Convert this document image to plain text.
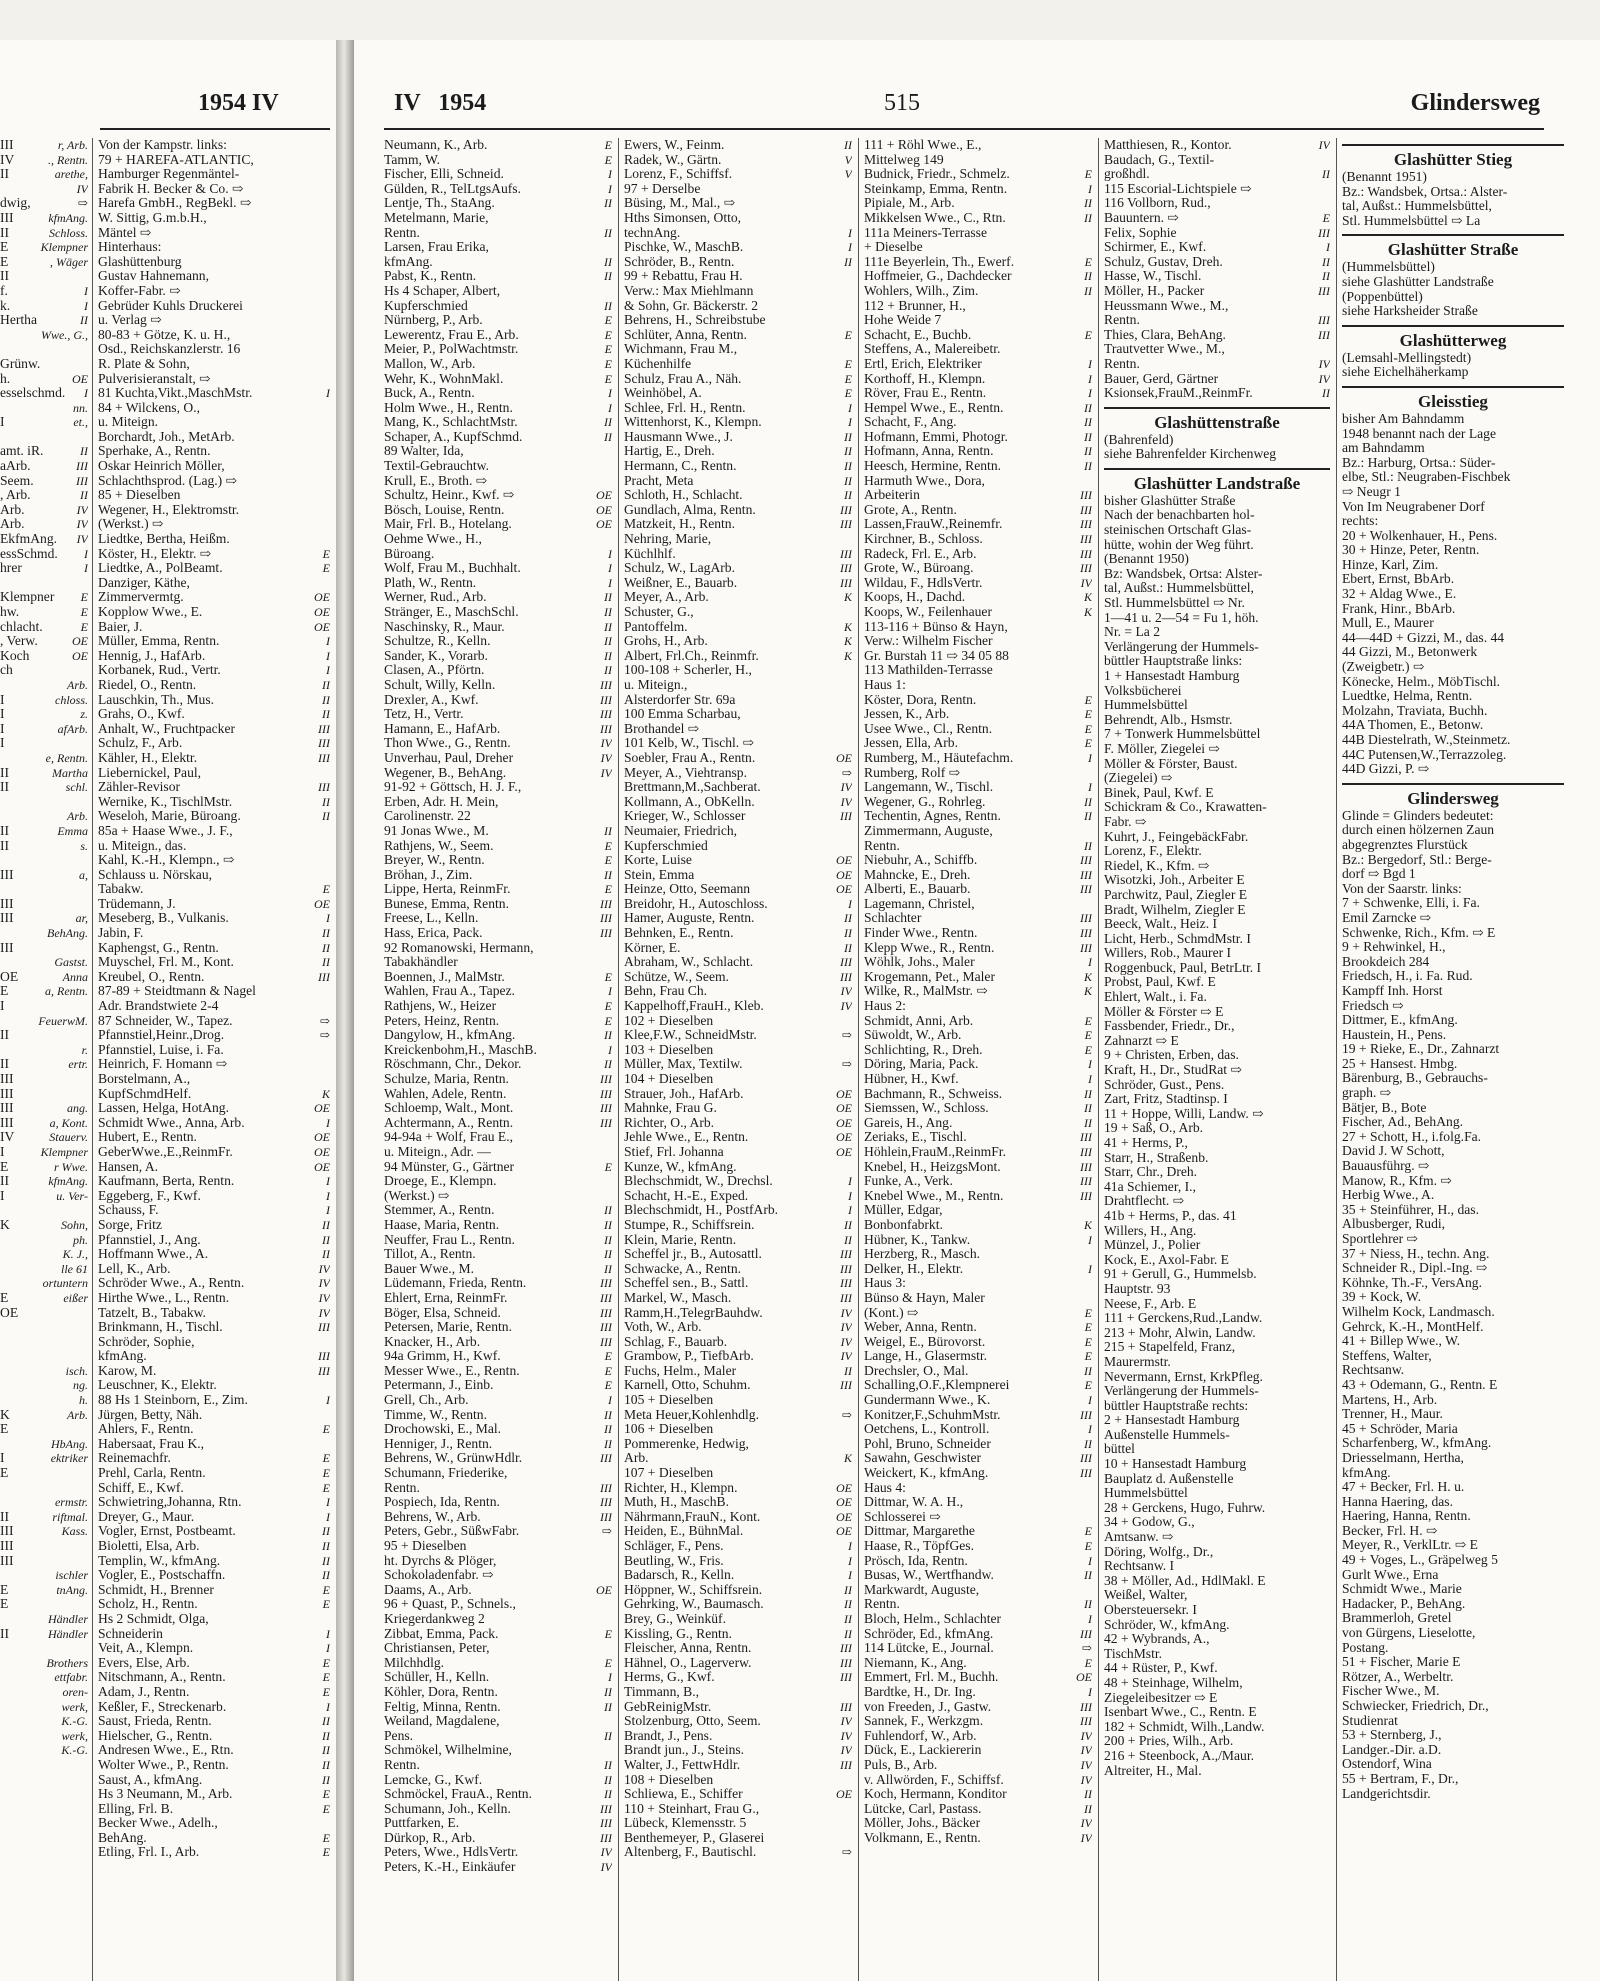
1954 IV
III	r, Arb.
IV	., Rentn.
II	arethe,
IV
dwig,	⇨
III	kfmAng.
II	Schloss.
E	Klempner
E	, Wäger
II
f.	I
k.	I
Hertha	II
Wwe., G.,
Grünw.
h.	OE
esselschmd.	I
nn.
I	et.,
amt. iR.	II
aArb.	III
Seem.	III
, Arb.	II
Arb.	IV
Arb.	IV
EkfmAng.	IV
essSchmd.	I
hrer	I
Klempner	E
hw.	E
chlacht.	E
, Verw.	OE
Koch	OE
ch
Arb.
I	chloss.
I	z.
I	afArb.
I
e, Rentn.
II	Martha
II	schl.
Arb.
II	Emma
II	s.
III	a,
III
III	ar,
BehAng.
III
Gastst.
OE	Anna
E	a, Rentn.
I
FeuerwM.
II
r.
II	ertr.
III
III
III	ang.
III	a, Kont.
IV	Stauerv.
I	Klempner
E	r Wwe.
II	kfmAng.
I	u. Ver-
K	Sohn,
ph.
K. J.,
lle 61
ortuntern
E	eißer
OE
isch.
ng.
h.
K	Arb.
E
HbAng.
I	ektriker
E
ermstr.
II	riftmal.
III	Kass.
III
III
ischler
E	tnAng.
E
Händler
II	Händler
Brothers
ettfabr.
oren-
werk,
K.-G.
werk,
K.-G.
Von der Kampstr. links:
79 + HAREFA-ATLANTIC,
Hamburger Regenmäntel-
Fabrik H. Becker & Co. ⇨
Harefa GmbH., RegBekl. ⇨
W. Sittig, G.m.b.H.,
Mäntel ⇨
Hinterhaus:
Glashüttenburg
Gustav Hahnemann,
Koffer-Fabr. ⇨
Gebrüder Kuhls Druckerei
u. Verlag ⇨
80-83 + Götze, K. u. H.,
Osd., Reichskanzlerstr. 16
R. Plate & Sohn,
Pulverisieranstalt, ⇨
81 Kuchta,Vikt.,MaschMstr.	I
84 + Wilckens, O.,
u. Miteign.
Borchardt, Joh., MetArb.
Sperhake, A., Rentn.
Oskar Heinrich Möller,
Schlachthsprod. (Lag.) ⇨
85 + Dieselben
Wegener, H., Elektromstr.
(Werkst.) ⇨
Liedtke, Bertha, Heißm.
Köster, H., Elektr. ⇨	E
Liedtke, A., PolBeamt.	E
Danziger, Käthe,
Zimmervermtg.	OE
Kopplow Wwe., E.	OE
Baier, J.	OE
Müller, Emma, Rentn.	I
Hennig, J., HafArb.	I
Korbanek, Rud., Vertr.	I
Riedel, O., Rentn.	II
Lauschkin, Th., Mus.	II
Grahs, O., Kwf.	II
Anhalt, W., Fruchtpacker	III
Schulz, F., Arb.	III
Kähler, H., Elektr.	III
Liebernickel, Paul,
Zähler-Revisor	III
Wernike, K., TischlMstr.	II
Weseloh, Marie, Büroang.	II
85a + Haase Wwe., J. F.,
u. Miteign., das.
Kahl, K.-H., Klempn., ⇨
Schlauss u. Nörskau,
Tabakw.	E
Trüdemann, J.	OE
Meseberg, B., Vulkanis.	I
Jabin, F.	II
Kaphengst, G., Rentn.	II
Muyschel, Frl. M., Kont.	II
Kreubel, O., Rentn.	III
87-89 + Steidtmann & Nagel
Adr. Brandstwiete 2-4
87 Schneider, W., Tapez.	⇨
Pfannstiel,Heinr.,Drog.	⇨
Pfannstiel, Luise, i. Fa.
Heinrich, F. Homann ⇨
Borstelmann, A.,
KupfSchmdHelf.	K
Lassen, Helga, HotAng.	OE
Schmidt Wwe., Anna, Arb.	I
Hubert, E., Rentn.	OE
GeberWwe.,E.,ReinmFr.	OE
Hansen, A.	OE
Kaufmann, Berta, Rentn.	I
Eggeberg, F., Kwf.	I
Schauss, F.	I
Sorge, Fritz	II
Pfannstiel, J., Ang.	II
Hoffmann Wwe., A.	II
Lell, K., Arb.	IV
Schröder Wwe., A., Rentn.	IV
Hirthe Wwe., L., Rentn.	IV
Tatzelt, B., Tabakw.	IV
Brinkmann, H., Tischl.	III
Schröder, Sophie,
kfmAng.	III
Karow, M.	III
Leuschner, K., Elektr.
88 Hs 1 Steinborn, E., Zim.	I
Jürgen, Betty, Näh.
Ahlers, F., Rentn.	E
Habersaat, Frau K.,
Reinemachfr.	E
Prehl, Carla, Rentn.	E
Schiff, E., Kwf.	E
Schwietring,Johanna, Rtn.	I
Dreyer, G., Maur.	I
Vogler, Ernst, Postbeamt.	II
Bioletti, Elsa, Arb.	II
Templin, W., kfmAng.	II
Vogler, E., Postschaffn.	II
Schmidt, H., Brenner	E
Scholz, H., Rentn.	E
Hs 2 Schmidt, Olga,
Schneiderin	I
Veit, A., Klempn.	I
Evers, Else, Arb.	E
Nitschmann, A., Rentn.	E
Adam, J., Rentn.	E
Keßler, F., Streckenarb.	I
Saust, Frieda, Rentn.	II
Hielscher, G., Rentn.	II
Andresen Wwe., E., Rtn.	II
Wolter Wwe., P., Rentn.	II
Saust, A., kfmAng.	II
Hs 3 Neumann, M., Arb.	E
Elling, Frl. B.	E
Becker Wwe., Adelh.,
BehAng.	E
Etling, Frl. I., Arb.	E
IV 1954	515	Glindersweg
Neumann, K., Arb.	E
Tamm, W.	E
Fischer, Elli, Schneid.	I
Gülden, R., TelLtgsAufs.	I
Lentje, Th., StaAng.	II
Metelmann, Marie,
Rentn.	II
Larsen, Frau Erika,
kfmAng.	II
Pabst, K., Rentn.	II
Hs 4 Schaper, Albert,
Kupferschmied	II
Nürnberg, P., Arb.	E
Lewerentz, Frau E., Arb.	E
Meier, P., PolWachtmstr.	E
Mallon, W., Arb.	E
Wehr, K., WohnMakl.	E
Buck, A., Rentn.	I
Holm Wwe., H., Rentn.	I
Mang, K., SchlachtMstr.	II
Schaper, A., KupfSchmd.	II
89 Walter, Ida,
Textil-Gebrauchtw.
Krull, E., Broth. ⇨
Schultz, Heinr., Kwf. ⇨	OE
Bösch, Louise, Rentn.	OE
Mair, Frl. B., Hotelang.	OE
Oehme Wwe., H.,
Büroang.	I
Wolf, Frau M., Buchhalt.	I
Plath, W., Rentn.	I
Werner, Rud., Arb.	II
Stränger, E., MaschSchl.	II
Naschinsky, R., Maur.	II
Schultze, R., Kelln.	II
Sander, K., Vorarb.	II
Clasen, A., Pförtn.	II
Schult, Willy, Kelln.	III
Drexler, A., Kwf.	III
Tetz, H., Vertr.	III
Hamann, E., HafArb.	III
Thon Wwe., G., Rentn.	IV
Unverhau, Paul, Dreher	IV
Wegener, B., BehAng.	IV
91-92 + Göttsch, H. J. F.,
Erben, Adr. H. Mein,
Carolinenstr. 22
91 Jonas Wwe., M.	II
Rathjens, W., Seem.	E
Breyer, W., Rentn.	E
Bröhan, J., Zim.	II
Lippe, Herta, ReinmFr.	E
Bunese, Emma, Rentn.	III
Freese, L., Kelln.	III
Hass, Erica, Pack.	III
92 Romanowski, Hermann,
Tabakhändler
Boennen, J., MalMstr.	E
Wahlen, Frau A., Tapez.	I
Rathjens, W., Heizer	E
Peters, Heinz, Rentn.	E
Dangylow, H., kfmAng.	II
Kreickenbohm,H., MaschB.	I
Röschmann, Chr., Dekor.	II
Schulze, Maria, Rentn.	III
Wahlen, Adele, Rentn.	III
Schloemp, Walt., Mont.	III
Achtermann, A., Rentn.	III
94-94a + Wolf, Frau E.,
u. Miteign., Adr. —
94 Münster, G., Gärtner	E
Droege, E., Klempn.
(Werkst.) ⇨
Stemmer, A., Rentn.	II
Haase, Maria, Rentn.	II
Neuffer, Frau L., Rentn.	II
Tillot, A., Rentn.	II
Bauer Wwe., M.	II
Lüdemann, Frieda, Rentn.	III
Ehlert, Erna, ReinmFr.	III
Böger, Elsa, Schneid.	III
Petersen, Marie, Rentn.	III
Knacker, H., Arb.	III
94a Grimm, H., Kwf.	E
Messer Wwe., E., Rentn.	E
Petermann, J., Einb.	E
Grell, Ch., Arb.	I
Timme, W., Rentn.	II
Drochowski, E., Mal.	II
Henniger, J., Rentn.	II
Behrens, W., GrünwHdlr.	III
Schumann, Friederike,
Rentn.	III
Pospiech, Ida, Rentn.	III
Behrens, W., Arb.	III
Peters, Gebr., SüßwFabr.	⇨
95 + Dieselben
ht. Dyrchs & Plöger,
Schokoladenfabr. ⇨
Daams, A., Arb.	OE
96 + Quast, P., Schnels.,
Kriegerdankweg 2
Zibbat, Emma, Pack.	E
Christiansen, Peter,
Milchhdlg.	E
Schüller, H., Kelln.	I
Köhler, Dora, Rentn.	II
Feltig, Minna, Rentn.	II
Weiland, Magdalene,
Pens.	II
Schmökel, Wilhelmine,
Rentn.	II
Lemcke, G., Kwf.	II
Schmöckel, FrauA., Rentn.	II
Schumann, Joh., Kelln.	III
Puttfarken, E.	III
Dürkop, R., Arb.	III
Peters, Wwe., HdlsVertr.	IV
Peters, K.-H., Einkäufer	IV
Ewers, W., Feinm.	II
Radek, W., Gärtn.	V
Lorenz, F., Schiffsf.	V
97 + Derselbe
Büsing, M., Mal., ⇨
Hths Simonsen, Otto,
technAng.	I
Pischke, W., MaschB.	I
Schröder, B., Rentn.	II
99 + Rebattu, Frau H.
Verw.: Max Miehlmann
& Sohn, Gr. Bäckerstr. 2
Behrens, H., Schreibstube
Schlüter, Anna, Rentn.	E
Wichmann, Frau M.,
Küchenhilfe	E
Schulz, Frau A., Näh.	E
Weinhöbel, A.	E
Schlee, Frl. H., Rentn.	I
Wittenhorst, K., Klempn.	I
Hausmann Wwe., J.	II
Hartig, E., Dreh.	II
Hermann, C., Rentn.	II
Pracht, Meta	II
Schloth, H., Schlacht.	II
Gundlach, Alma, Rentn.	III
Matzkeit, H., Rentn.	III
Nehring, Marie,
Küchlhlf.	III
Schulz, W., LagArb.	III
Weißner, E., Bauarb.	III
Meyer, A., Arb.	K
Schuster, G.,
Pantoffelm.	K
Grohs, H., Arb.	K
Albert, Frl.Ch., Reinmfr.	K
100-108 + Scherler, H.,
u. Miteign.,
Alsterdorfer Str. 69a
100 Emma Scharbau,
Brothandel ⇨
101 Kelb, W., Tischl. ⇨
Soebler, Frau A., Rentn.	OE
Meyer, A., Viehtransp.	⇨
Brettmann,M.,Sachberat.	IV
Kollmann, A., ObKelln.	IV
Krieger, W., Schlosser	III
Neumaier, Friedrich,
Kupferschmied
Korte, Luise	OE
Stein, Emma	OE
Heinze, Otto, Seemann	OE
Breidohr, H., Autoschloss.	I
Hamer, Auguste, Rentn.	II
Behnken, E., Rentn.	II
Körner, E.	II
Abraham, W., Schlacht.	III
Schütze, W., Seem.	III
Behn, Frau Ch.	IV
Kappelhoff,FrauH., Kleb.	IV
102 + Dieselben
Klee,F.W., SchneidMstr.	⇨
103 + Dieselben
Müller, Max, Textilw.	⇨
104 + Dieselben
Strauer, Joh., HafArb.	OE
Mahnke, Frau G.	OE
Richter, O., Arb.	OE
Jehle Wwe., E., Rentn.	OE
Stief, Frl. Johanna	OE
Kunze, W., kfmAng.
Blechschmidt, W., Drechsl.	I
Schacht, H.-E., Exped.	I
Blechschmidt, H., PostfArb.	I
Stumpe, R., Schiffsrein.	II
Klein, Marie, Rentn.	II
Scheffel jr., B., Autosattl.	III
Schwacke, A., Rentn.	III
Scheffel sen., B., Sattl.	III
Markel, W., Masch.	III
Ramm,H.,TelegrBauhdw.	IV
Voth, W., Arb.	IV
Schlag, F., Bauarb.	IV
Grambow, P., TiefbArb.	IV
Fuchs, Helm., Maler	II
Karnell, Otto, Schuhm.	III
105 + Dieselben
Meta Heuer,Kohlenhdlg.	⇨
106 + Dieselben
Pommerenke, Hedwig,
Arb.	K
107 + Dieselben
Richter, H., Klempn.	OE
Muth, H., MaschB.	OE
Nährmann,FrauN., Kont.	OE
Heiden, E., BühnMal.	OE
Schläger, F., Pens.	I
Beutling, W., Fris.	I
Badarsch, R., Kelln.	I
Höppner, W., Schiffsrein.	II
Gehrking, W., Baumasch.	II
Brey, G., Weinküf.	II
Kissling, G., Rentn.	II
Fleischer, Anna, Rentn.	III
Hähnel, O., Lagerverw.	III
Herms, G., Kwf.	III
Timmann, B.,
GebReinigMstr.	III
Stolzenburg, Otto, Seem.	IV
Brandt, J., Pens.	IV
Brandt jun., J., Steins.	IV
Walter, J., FettwHdlr.	III
108 + Dieselben
Schliewa, E., Schiffer	OE
110 + Steinhart, Frau G.,
Lübeck, Klemensstr. 5
Benthemeyer, P., Glaserei
Altenberg, F., Bautischl.	⇨
111 + Röhl Wwe., E.,
Mittelweg 149
Budnick, Friedr., Schmelz.	E
Steinkamp, Emma, Rentn.	I
Pipiale, M., Arb.	II
Mikkelsen Wwe., C., Rtn.	II
111a Meiners-Terrasse
+ Dieselbe
111e Beyerlein, Th., Ewerf.	E
Hoffmeier, G., Dachdecker	II
Wohlers, Wilh., Zim.	II
112 + Brunner, H.,
Hohe Weide 7
Schacht, E., Buchb.	E
Steffens, A., Malereibetr.
Ertl, Erich, Elektriker	I
Korthoff, H., Klempn.	I
Röver, Frau E., Rentn.	I
Hempel Wwe., E., Rentn.	II
Schacht, F., Ang.	II
Hofmann, Emmi, Photogr.	II
Hofmann, Anna, Rentn.	II
Heesch, Hermine, Rentn.	II
Harmuth Wwe., Dora,
Arbeiterin	III
Grote, A., Rentn.	III
Lassen,FrauW.,Reinemfr.	III
Kirchner, B., Schloss.	III
Radeck, Frl. E., Arb.	III
Grote, W., Büroang.	III
Wildau, F., HdlsVertr.	IV
Koops, H., Dachd.	K
Koops, W., Feilenhauer	K
113-116 + Bünso & Hayn,
Verw.: Wilhelm Fischer
Gr. Burstah 11 ⇨ 34 05 88
113 Mathilden-Terrasse
Haus 1:
Köster, Dora, Rentn.	E
Jessen, K., Arb.	E
Usee Wwe., Cl., Rentn.	E
Jessen, Ella, Arb.	E
Rumberg, M., Häutefachm.	I
Rumberg, Rolf ⇨
Langemann, W., Tischl.	I
Wegener, G., Rohrleg.	II
Techentin, Agnes, Rentn.	II
Zimmermann, Auguste,
Rentn.	II
Niebuhr, A., Schiffb.	III
Mahncke, E., Dreh.	III
Alberti, E., Bauarb.	III
Lagemann, Christel,
Schlachter	III
Finder Wwe., Rentn.	III
Klepp Wwe., R., Rentn.	III
Wöhlk, Johs., Maler	I
Krogemann, Pet., Maler	K
Wilke, R., MalMstr. ⇨	K
Haus 2:
Schmidt, Anni, Arb.	E
Süwoldt, W., Arb.	E
Schlichting, R., Dreh.	E
Döring, Maria, Pack.	I
Hübner, H., Kwf.	I
Bachmann, R., Schweiss.	II
Siemssen, W., Schloss.	II
Gareis, H., Ang.	II
Zeriaks, E., Tischl.	III
Höhlein,FrauM.,ReinmFr.	III
Knebel, H., HeizgsMont.	III
Funke, A., Verk.	III
Knebel Wwe., M., Rentn.	III
Müller, Edgar,
Bonbonfabrkt.	K
Hübner, K., Tankw.	I
Herzberg, R., Masch.
Delker, H., Elektr.	I
Haus 3:
Bünso & Hayn, Maler
(Kont.) ⇨	E
Weber, Anna, Rentn.	E
Weigel, E., Bürovorst.	E
Lange, H., Glasermstr.	E
Drechsler, O., Mal.	II
Schalling,O.F.,Klempnerei	E
Gundermann Wwe., K.	I
Konitzer,F.,SchuhmMstr.	III
Oetchens, L., Kontroll.	I
Pohl, Bruno, Schneider	II
Sawahn, Geschwister	III
Weickert, K., kfmAng.	III
Haus 4:
Dittmar, W. A. H.,
Schlosserei ⇨
Dittmar, Margarethe	E
Haase, R., TöpfGes.	E
Prösch, Ida, Rentn.	I
Busas, W., Wertfhandw.	II
Markwardt, Auguste,
Rentn.	II
Bloch, Helm., Schlachter	I
Schröder, Ed., kfmAng.	III
114 Lütcke, E., Journal.	⇨
Niemann, K., Ang.	E
Emmert, Frl. M., Buchh.	OE
Bardtke, H., Dr. Ing.	I
von Freeden, J., Gastw.	III
Sannek, F., Werkzgm.	III
Fuhlendorf, W., Arb.	IV
Dück, E., Lackiererin	IV
Puls, B., Arb.	IV
v. Allwörden, F., Schiffsf.	IV
Koch, Hermann, Konditor	II
Lütcke, Carl, Pastass.	II
Möller, Johs., Bäcker	IV
Volkmann, E., Rentn.	IV
Matthiesen, R., Kontor.	IV
Baudach, G., Textil-
großhdl.	II
115 Escorial-Lichtspiele ⇨
116 Vollborn, Rud.,
Bauuntern. ⇨	E
Felix, Sophie	III
Schirmer, E., Kwf.	I
Schulz, Gustav, Dreh.	II
Hasse, W., Tischl.	II
Möller, H., Packer	III
Heussmann Wwe., M.,
Rentn.	III
Thies, Clara, BehAng.	III
Trautvetter Wwe., M.,
Rentn.	IV
Bauer, Gerd, Gärtner	IV
Ksionsek,FrauM.,ReinmFr.	II
Glashüttenstraße
(Bahrenfeld)
siehe Bahrenfelder Kirchenweg
Glashütter Landstraße
bisher Glashütter Straße
Nach der benachbarten hol-
steinischen Ortschaft Glas-
hütte, wohin der Weg führt.
(Benannt 1950)
Bz: Wandsbek, Ortsa: Alster-
tal, Außst.: Hummelsbüttel,
Stl. Hummelsbüttel ⇨ Nr.
1—41 u. 2—54 = Fu 1, höh.
Nr. = La 2
Verlängerung der Hummels-
büttler Hauptstraße links:
1 + Hansestadt Hamburg
Volksbücherei
Hummelsbüttel
Behrendt, Alb., Hsmstr.
7 + Tonwerk Hummelsbüttel
F. Möller, Ziegelei ⇨
Möller & Förster, Baust.
(Ziegelei) ⇨
Binek, Paul, Kwf. E
Schickram & Co., Krawatten-
Fabr. ⇨
Kuhrt, J., FeingebäckFabr.
Lorenz, F., Elektr.
Riedel, K., Kfm. ⇨
Wisotzki, Joh., Arbeiter E
Parchwitz, Paul, Ziegler E
Bradt, Wilhelm, Ziegler E
Beeck, Walt., Heiz. I
Licht, Herb., SchmdMstr. I
Willers, Rob., Maurer I
Roggenbuck, Paul, BetrLtr. I
Probst, Paul, Kwf. E
Ehlert, Walt., i. Fa.
Möller & Förster ⇨ E
Fassbender, Friedr., Dr.,
Zahnarzt ⇨ E
9 + Christen, Erben, das.
Kraft, H., Dr., StudRat ⇨
Schröder, Gust., Pens.
Zart, Fritz, Stadtinsp. I
11 + Hoppe, Willi, Landw. ⇨
19 + Saß, O., Arb.
41 + Herms, P.,
Starr, H., Straßenb.
Starr, Chr., Dreh.
41a Schiemer, I.,
Drahtflecht. ⇨
41b + Herms, P., das. 41
Willers, H., Ang.
Münzel, J., Polier
Kock, E., Axol-Fabr. E
91 + Gerull, G., Hummelsb.
Hauptstr. 93
Neese, F., Arb. E
111 + Gerckens,Rud.,Landw.
213 + Mohr, Alwin, Landw.
215 + Stapelfeld, Franz,
Maurermstr.
Nevermann, Ernst, KrkPfleg.
Verlängerung der Hummels-
büttler Hauptstraße rechts:
2 + Hansestadt Hamburg
Außenstelle Hummels-
büttel
10 + Hansestadt Hamburg
Bauplatz d. Außenstelle
Hummelsbüttel
28 + Gerckens, Hugo, Fuhrw.
34 + Godow, G.,
Amtsanw. ⇨
Döring, Wolfg., Dr.,
Rechtsanw. I
38 + Möller, Ad., HdlMakl. E
Weißel, Walter,
Obersteuersekr. I
Schröder, W., kfmAng.
42 + Wybrands, A.,
TischMstr.
44 + Rüster, P., Kwf.
48 + Steinhage, Wilhelm,
Ziegeleibesitzer ⇨ E
Isenbart Wwe., C., Rentn. E
182 + Schmidt, Wilh.,Landw.
200 + Pries, Wilh., Arb.
216 + Steenbock, A.,/Maur.
Altreiter, H., Mal.
Glashütter Stieg
(Benannt 1951)
Bz.: Wandsbek, Ortsa.: Alster-
tal, Außst.: Hummelsbüttel,
Stl. Hummelsbüttel ⇨ La
Glashütter Straße
(Hummelsbüttel)
siehe Glashütter Landstraße
(Poppenbüttel)
siehe Harksheider Straße
Glashütterweg
(Lemsahl-Mellingstedt)
siehe Eichelhäherkamp
Gleisstieg
bisher Am Bahndamm
1948 benannt nach der Lage
am Bahndamm
Bz.: Harburg, Ortsa.: Süder-
elbe, Stl.: Neugraben-Fischbek
⇨ Neugr 1
Von Im Neugrabener Dorf
rechts:
20 + Wolkenhauer, H., Pens.
30 + Hinze, Peter, Rentn.
Hinze, Karl, Zim.
Ebert, Ernst, BbArb.
32 + Aldag Wwe., E.
Frank, Hinr., BbArb.
Mull, E., Maurer
44—44D + Gizzi, M., das. 44
44 Gizzi, M., Betonwerk
(Zweigbetr.) ⇨
Könecke, Helm., MöbTischl.
Luedtke, Helma, Rentn.
Molzahn, Traviata, Buchh.
44A Thomen, E., Betonw.
44B Diestelrath, W.,Steinmetz.
44C Putensen,W.,Terrazzoleg.
44D Gizzi, P. ⇨
Glindersweg
Glinde = Glinders bedeutet:
durch einen hölzernen Zaun
abgegrenztes Flurstück
Bz.: Bergedorf, Stl.: Berge-
dorf ⇨ Bgd 1
Von der Saarstr. links:
7 + Schwenke, Elli, i. Fa.
Emil Zarncke ⇨
Schwenke, Rich., Kfm. ⇨ E
9 + Rehwinkel, H.,
Brookdeich 284
Friedsch, H., i. Fa. Rud.
Kampff Inh. Horst
Friedsch ⇨
Dittmer, E., kfmAng.
Haustein, H., Pens.
19 + Rieke, E., Dr., Zahnarzt
25 + Hansest. Hmbg.
Bärenburg, B., Gebrauchs-
graph. ⇨
Bätjer, B., Bote
Fischer, Ad., BehAng.
27 + Schott, H., i.folg.Fa.
David J. W Schott,
Bauausführg. ⇨
Manow, R., Kfm. ⇨
Herbig Wwe., A.
35 + Steinführer, H., das.
Albusberger, Rudi,
Sportlehrer ⇨
37 + Niess, H., techn. Ang.
Schneider R., Dipl.-Ing. ⇨
Köhnke, Th.-F., VersAng.
39 + Kock, W.
Wilhelm Kock, Landmasch.
Gehrck, K.-H., MontHelf.
41 + Billep Wwe., W.
Steffens, Walter,
Rechtsanw.
43 + Odemann, G., Rentn. E
Martens, H., Arb.
Trenner, H., Maur.
45 + Schröder, Maria
Scharfenberg, W., kfmAng.
Driesselmann, Hertha,
kfmAng.
47 + Becker, Frl. H. u.
Hanna Haering, das.
Haering, Hanna, Rentn.
Becker, Frl. H. ⇨
Meyer, R., VerklLtr. ⇨ E
49 + Voges, L., Gräpelweg 5
Gurlt Wwe., Erna
Schmidt Wwe., Marie
Hadacker, P., BehAng.
Brammerloh, Gretel
von Gürgens, Lieselotte,
Postang.
51 + Fischer, Marie E
Rötzer, A., Werbeltr.
Fischer Wwe., M.
Schwiecker, Friedrich, Dr.,
Studienrat
53 + Sternberg, J.,
Landger.-Dir. a.D.
Ostendorf, Wina
55 + Bertram, F., Dr.,
Landgerichtsdir.
